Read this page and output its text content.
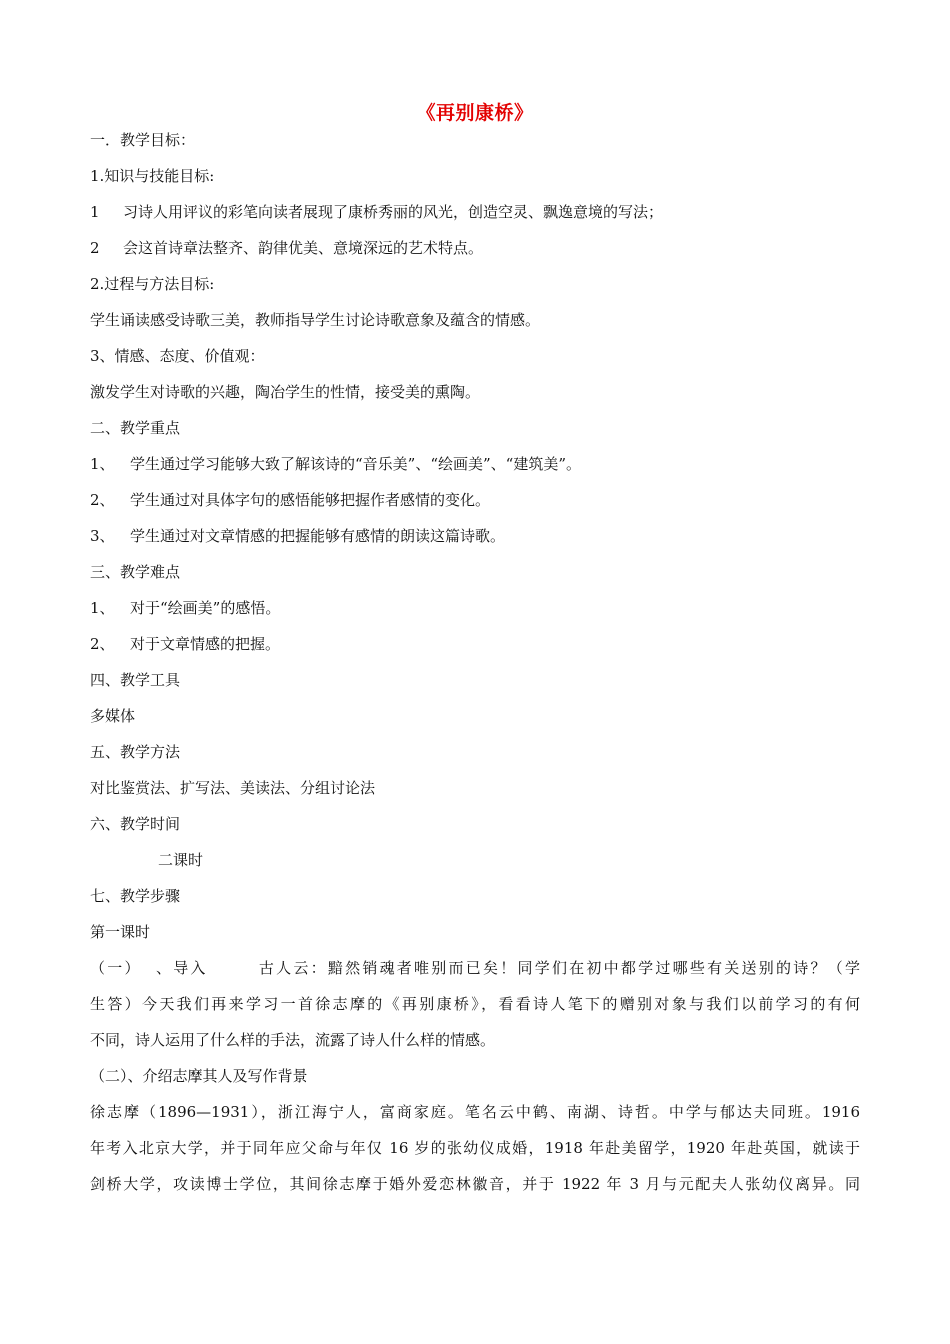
《再别康桥》
一．教学目标：
1.知识与技能目标:
1 习诗人用评议的彩笔向读者展现了康桥秀丽的风光，创造空灵、飘逸意境的写法；
2 会这首诗章法整齐、韵律优美、意境深远的艺术特点。
2.过程与方法目标:
学生诵读感受诗歌三美，教师指导学生讨论诗歌意象及蕴含的情感。
3、情感、态度、价值观：
激发学生对诗歌的兴趣，陶冶学生的性情，接受美的熏陶。
二、教学重点
1、 学生通过学习能够大致了解该诗的“音乐美”、“绘画美”、“建筑美”。
2、 学生通过对具体字句的感悟能够把握作者感情的变化。
3、 学生通过对文章情感的把握能够有感情的朗读这篇诗歌。
三、教学难点
1、 对于“绘画美”的感悟。
2、 对于文章情感的把握。
四、教学工具
多媒体
五、教学方法
对比鉴赏法、扩写法、美读法、分组讨论法
六、教学时间
二课时
七、教学步骤
第一课时
（一） 、导入	古人云：黯然销魂者唯别而已矣！同学们在初中都学过哪些有关送别的诗？（学
生答）今天我们再来学习一首徐志摩的《再别康桥》，看看诗人笔下的赠别对象与我们以前学习的有何
不同，诗人运用了什么样的手法，流露了诗人什么样的情感。
（二）、介绍志摩其人及写作背景
徐志摩（1896—1931），浙江海宁人，富商家庭。笔名云中鹤、南湖、诗哲。中学与郁达夫同班。1916
年考入北京大学，并于同年应父命与年仅 16 岁的张幼仪成婚，1918 年赴美留学，1920 年赴英国，就读于
剑桥大学，攻读博士学位，其间徐志摩于婚外爱恋林徽音，并于 1922 年 3 月与元配夫人张幼仪离异。同
